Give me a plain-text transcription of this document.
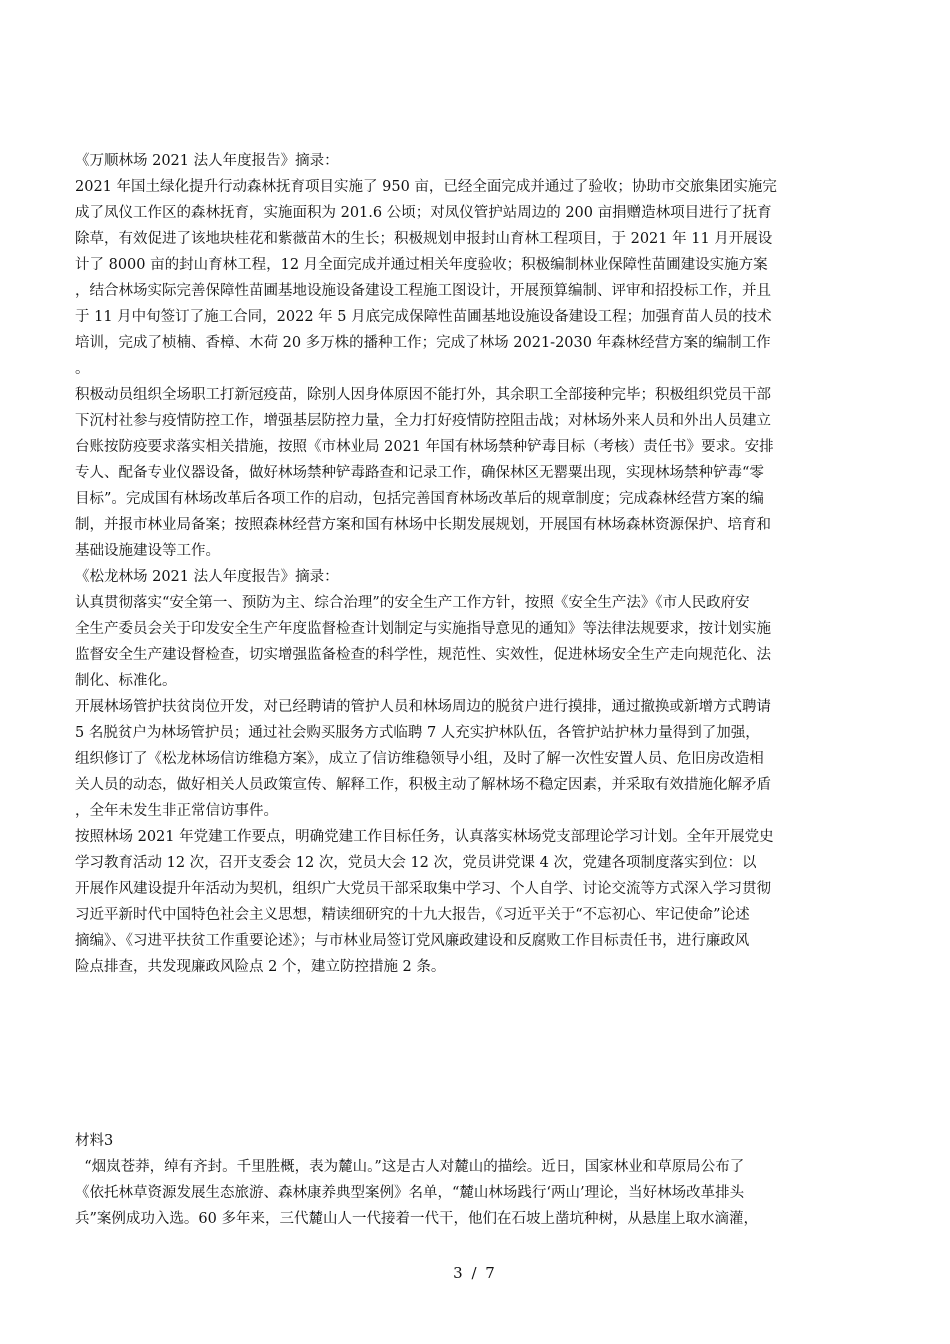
《万顺林场 2021 法人年度报告》摘录：
2021 年国土绿化提升行动森林抚育项目实施了 950 亩，已经全面完成并通过了验收；协助市交旅集团实施完
成了凤仪工作区的森林抚育，实施面积为 201.6 公顷；对凤仪管护站周边的 200 亩捐赠造林项目进行了抚育
除草，有效促进了该地块桂花和紫薇苗木的生长；积极规划申报封山育林工程项目，于 2021 年 11 月开展设
计了 8000 亩的封山育林工程，12 月全面完成并通过相关年度验收；积极编制林业保障性苗圃建设实施方案
，结合林场实际完善保障性苗圃基地设施设备建设工程施工图设计，开展预算编制、评审和招投标工作，并且
于 11 月中旬签订了施工合同，2022 年 5 月底完成保障性苗圃基地设施设备建设工程；加强育苗人员的技术
培训，完成了桢楠、香樟、木荷 20 多万株的播种工作；完成了林场 2021-2030 年森林经营方案的编制工作
。
积极动员组织全场职工打新冠疫苗，除别人因身体原因不能打外，其余职工全部接种完毕；积极组织党员干部
下沉村社参与疫情防控工作，增强基层防控力量，全力打好疫情防控阻击战；对林场外来人员和外出人员建立
台账按防疫要求落实相关措施，按照《市林业局 2021 年国有林场禁种铲毒目标（考核）责任书》要求。安排
专人、配备专业仪器设备，做好林场禁种铲毒路查和记录工作，确保林区无罂粟出现，实现林场禁种铲毒“零
目标”。完成国有林场改革后各项工作的启动，包括完善国育林场改革后的规章制度；完成森林经营方案的编
制，并报市林业局备案；按照森林经营方案和国有林场中长期发展规划，开展国有林场森林资源保护、培育和
基础设施建设等工作。
《松龙林场 2021 法人年度报告》摘录：
认真贯彻落实“安全第一、预防为主、综合治理”的安全生产工作方针，按照《安全生产法》《市人民政府安
全生产委员会关于印发安全生产年度监督检查计划制定与实施指导意见的通知》等法律法规要求，按计划实施
监督安全生产建设督检查，切实增强监备检查的科学性，规范性、实效性，促进林场安全生产走向规范化、法
制化、标准化。
开展林场管护扶贫岗位开发，对已经聘请的管护人员和林场周边的脱贫户进行摸排，通过撤换或新增方式聘请
5 名脱贫户为林场管护员；通过社会购买服务方式临聘 7 人充实护林队伍，各管护站护林力量得到了加强，
组织修订了《松龙林场信访维稳方案》，成立了信访维稳领导小组，及时了解一次性安置人员、危旧房改造相
关人员的动态，做好相关人员政策宣传、解释工作，积极主动了解林场不稳定因素，并采取有效措施化解矛盾
，全年未发生非正常信访事件。
按照林场 2021 年党建工作要点，明确党建工作目标任务，认真落实林场党支部理论学习计划。全年开展党史
学习教育活动 12 次，召开支委会 12 次，党员大会 12 次，党员讲党课 4 次，党建各项制度落实到位：以
开展作风建设提升年活动为契机，组织广大党员干部采取集中学习、个人自学、讨论交流等方式深入学习贯彻
习近平新时代中国特色社会主义思想，精读细研究的十九大报告，《习近平关于“不忘初心、牢记使命”论述
摘编》、《习进平扶贫工作重要论述》；与市林业局签订党风廉政建设和反腐败工作目标责任书，进行廉政风
险点排查，共发现廉政风险点 2 个，建立防控措施 2 条。
材料3
“烟岚苍莽，绰有齐封。千里胜概，表为麓山。”这是古人对麓山的描绘。近日，国家林业和草原局公布了
《依托林草资源发展生态旅游、森林康养典型案例》名单，“麓山林场践行‘两山’理论，当好林场改革排头
兵”案例成功入选。60 多年来，三代麓山人一代接着一代干，他们在石坡上凿坑种树，从悬崖上取水滴灌，
3 / 7
